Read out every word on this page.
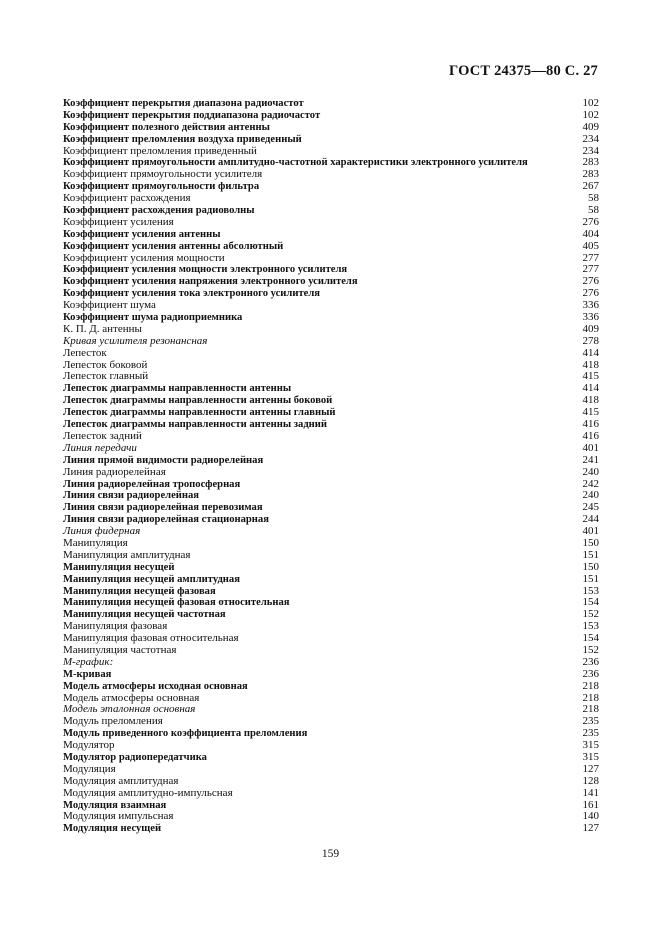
ГОСТ 24375—80 С. 27
Коэффициент перекрытия диапазона радиочастот	102
Коэффициент перекрытия поддиапазона радиочастот	102
Коэффициент полезного действия антенны	409
Коэффициент преломления воздуха приведенный	234
Коэффициент преломления приведенный	234
Коэффициент прямоугольности амплитудно-частотной характеристики электронного усилителя	283
Коэффициент прямоугольности усилителя	283
Коэффициент прямоугольности фильтра	267
Коэффициент расхождения	58
Коэффициент расхождения радиоволны	58
Коэффициент усиления	276
Коэффициент усиления антенны	404
Коэффициент усиления антенны абсолютный	405
Коэффициент усиления мощности	277
Коэффициент усиления мощности электронного усилителя	277
Коэффициент усиления напряжения электронного усилителя	276
Коэффициент усиления тока электронного усилителя	276
Коэффициент шума	336
Коэффициент шума радиоприемника	336
К. П. Д. антенны	409
Кривая усилителя резонансная	278
Лепесток	414
Лепесток боковой	418
Лепесток главный	415
Лепесток диаграммы направленности антенны	414
Лепесток диаграммы направленности антенны боковой	418
Лепесток диаграммы направленности антенны главный	415
Лепесток диаграммы направленности антенны задний	416
Лепесток задний	416
Линия передачи	401
Линия прямой видимости радиорелейная	241
Линия радиорелейная	240
Линия радиорелейная тропосферная	242
Линия связи радиорелейная	240
Линия связи радиорелейная перевозимая	245
Линия связи радиорелейная стационарная	244
Линия фидерная	401
Манипуляция	150
Манипуляция амплитудная	151
Манипуляция несущей	150
Манипуляция несущей амплитудная	151
Манипуляция несущей фазовая	153
Манипуляция несущей фазовая относительная	154
Манипуляция несущей частотная	152
Манипуляция фазовая	153
Манипуляция фазовая относительная	154
Манипуляция частотная	152
М-график:	236
М-кривая	236
Модель атмосферы исходная основная	218
Модель атмосферы основная	218
Модель эталонная основная	218
Модуль преломления	235
Модуль приведенного коэффициента преломления	235
Модулятор	315
Модулятор радиопередатчика	315
Модуляция	127
Модуляция амплитудная	128
Модуляция амплитудно-импульсная	141
Модуляция взаимная	161
Модуляция импульсная	140
Модуляция несущей	127
159
